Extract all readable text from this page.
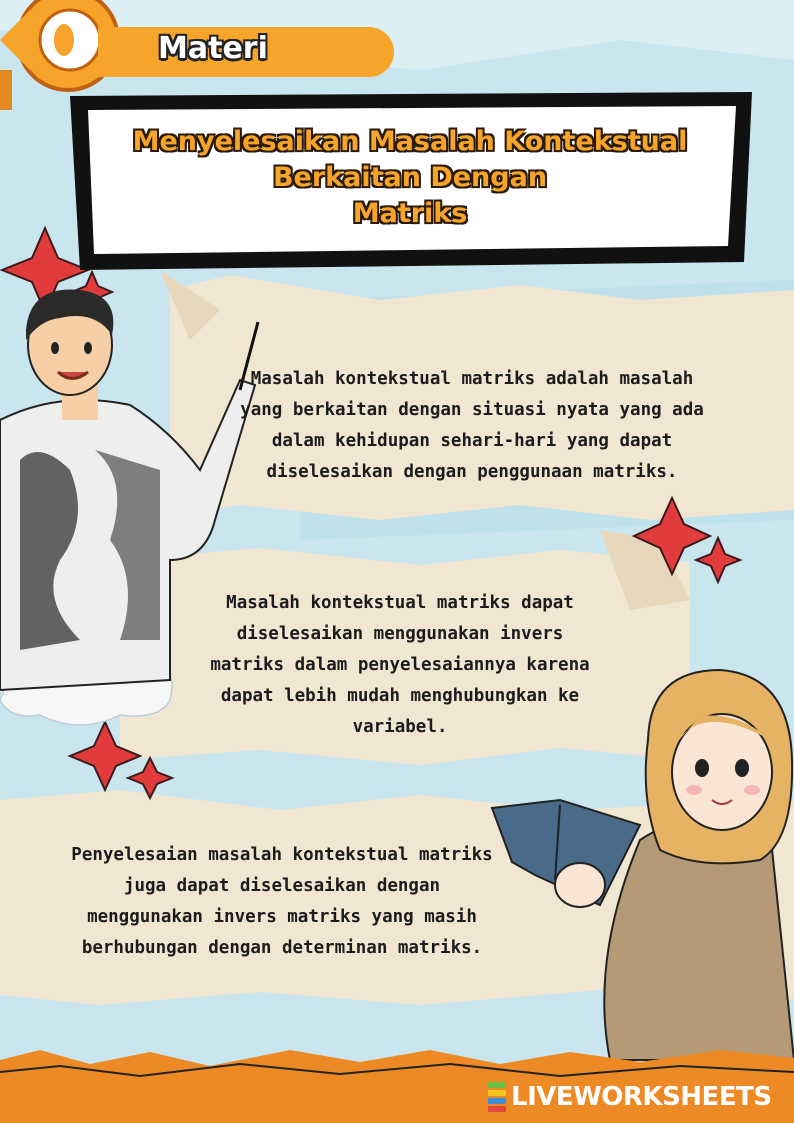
Materi
Menyelesaikan Masalah Kontekstual
Berkaitan Dengan
Matriks
Masalah kontekstual matriks adalah masalah
yang berkaitan dengan situasi nyata yang ada
dalam kehidupan sehari-hari yang dapat
diselesaikan dengan penggunaan matriks.
Masalah kontekstual matriks dapat
diselesaikan menggunakan invers
matriks dalam penyelesaiannya karena
dapat lebih mudah menghubungkan ke
variabel.
Penyelesaian masalah kontekstual matriks
juga dapat diselesaikan dengan
menggunakan invers matriks yang masih
berhubungan dengan determinan matriks.
LIVEWORKSHEETS
